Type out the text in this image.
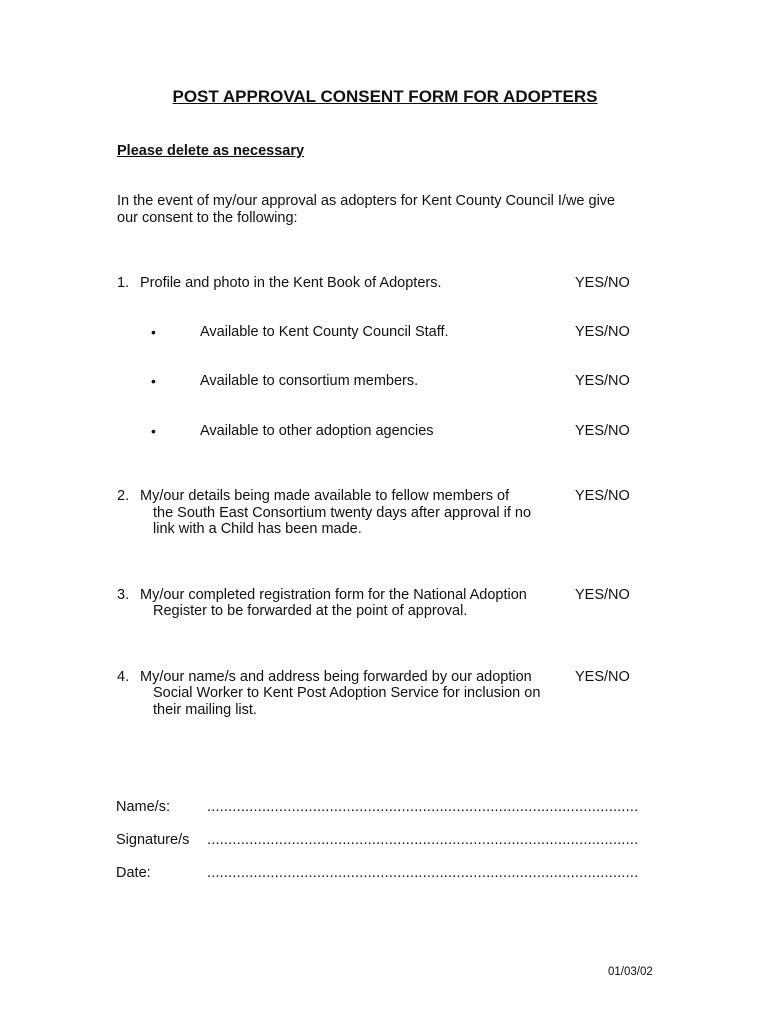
POST APPROVAL CONSENT FORM FOR ADOPTERS
Please delete as necessary
In the event of my/our approval as adopters for Kent County Council I/we give
our consent to the following:
1. Profile and photo in the Kent Book of Adopters.	YES/NO
•	Available to Kent County Council Staff.	YES/NO
•	Available to consortium members.	YES/NO
•	Available to other adoption agencies	YES/NO
2. My/our details being made available to fellow members of
the South East Consortium twenty days after approval if no
link with a Child has been made.
YES/NO
3. My/our completed registration form for the National Adoption
Register to be forwarded at the point of approval.
YES/NO
4. My/our name/s and address being forwarded by our adoption
Social Worker to Kent Post Adoption Service for inclusion on
their mailing list.
YES/NO
Name/s:	......................................................................................................
Signature/s ......................................................................................................
Date:	......................................................................................................
01/03/02
